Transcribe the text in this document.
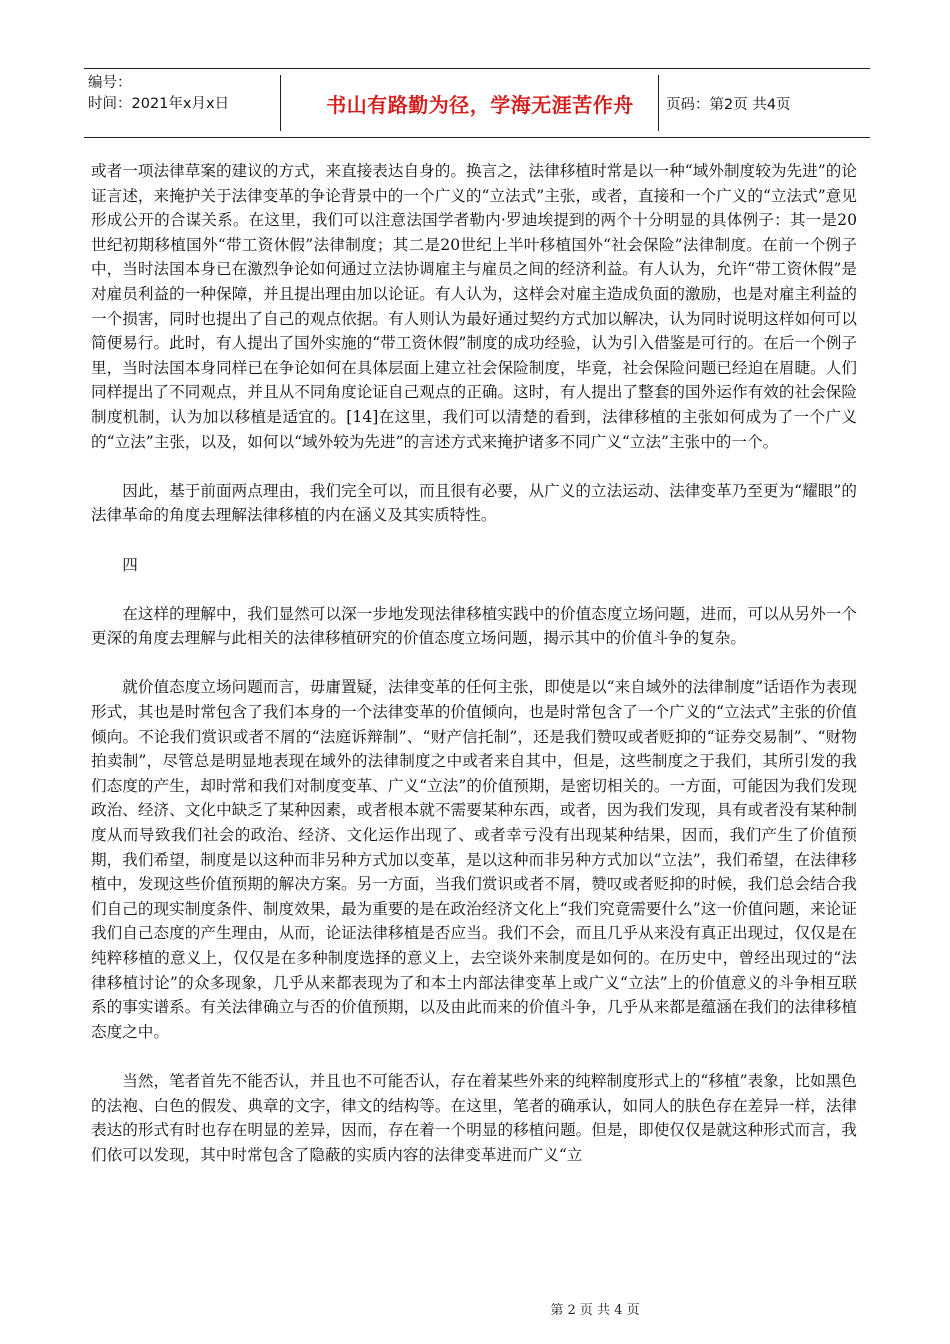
编号：
时间：2021年x月x日	书山有路勤为径，学海无涯苦作舟	页码：第2页 共4页

或者一项法律草案的建议的方式，来直接表达自身的。换言之，法律移植时常是以一种“域外制度较为先进”的论证言述，来掩护关于法律变革的争论背景中的一个广义的“立法式”主张，或者，直接和一个广义的“立法式”意见形成公开的合谋关系。在这里，我们可以注意法国学者勒内·罗迪埃提到的两个十分明显的具体例子：其一是20世纪初期移植国外“带工资休假”法律制度；其二是20世纪上半叶移植国外“社会保险”法律制度。在前一个例子中，当时法国本身已在激烈争论如何通过立法协调雇主与雇员之间的经济利益。有人认为，允许“带工资休假”是对雇员利益的一种保障，并且提出理由加以论证。有人认为，这样会对雇主造成负面的激励，也是对雇主利益的一个损害，同时也提出了自己的观点依据。有人则认为最好通过契约方式加以解决，认为同时说明这样如何可以简便易行。此时，有人提出了国外实施的“带工资休假”制度的成功经验，认为引入借鉴是可行的。在后一个例子里，当时法国本身同样已在争论如何在具体层面上建立社会保险制度，毕竟，社会保险问题已经迫在眉睫。人们同样提出了不同观点，并且从不同角度论证自己观点的正确。这时，有人提出了整套的国外运作有效的社会保险制度机制，认为加以移植是适宜的。[14]在这里，我们可以清楚的看到，法律移植的主张如何成为了一个广义的“立法”主张，以及，如何以“域外较为先进”的言述方式来掩护诸多不同广义“立法”主张中的一个。

因此，基于前面两点理由，我们完全可以，而且很有必要，从广义的立法运动、法律变革乃至更为“耀眼”的法律革命的角度去理解法律移植的内在涵义及其实质特性。

四

在这样的理解中，我们显然可以深一步地发现法律移植实践中的价值态度立场问题，进而，可以从另外一个更深的角度去理解与此相关的法律移植研究的价值态度立场问题，揭示其中的价值斗争的复杂。

就价值态度立场问题而言，毋庸置疑，法律变革的任何主张，即使是以“来自域外的法律制度”话语作为表现形式，其也是时常包含了我们本身的一个法律变革的价值倾向，也是时常包含了一个广义的“立法式”主张的价值倾向。不论我们赏识或者不屑的“法庭诉辩制”、“财产信托制”，还是我们赞叹或者贬抑的“证券交易制”、“财物拍卖制”，尽管总是明显地表现在域外的法律制度之中或者来自其中，但是，这些制度之于我们，其所引发的我们态度的产生，却时常和我们对制度变革、广义“立法”的价值预期，是密切相关的。一方面，可能因为我们发现政治、经济、文化中缺乏了某种因素，或者根本就不需要某种东西，或者，因为我们发现，具有或者没有某种制度从而导致我们社会的政治、经济、文化运作出现了、或者幸亏没有出现某种结果，因而，我们产生了价值预期，我们希望，制度是以这种而非另种方式加以变革，是以这种而非另种方式加以“立法”，我们希望，在法律移植中，发现这些价值预期的解决方案。另一方面，当我们赏识或者不屑，赞叹或者贬抑的时候，我们总会结合我们自己的现实制度条件、制度效果，最为重要的是在政治经济文化上“我们究竟需要什么”这一价值问题，来论证我们自己态度的产生理由，从而，论证法律移植是否应当。我们不会，而且几乎从来没有真正出现过，仅仅是在纯粹移植的意义上，仅仅是在多种制度选择的意义上，去空谈外来制度是如何的。在历史中，曾经出现过的“法律移植讨论”的众多现象，几乎从来都表现为了和本土内部法律变革上或广义“立法”上的价值意义的斗争相互联系的事实谱系。有关法律确立与否的价值预期，以及由此而来的价值斗争，几乎从来都是蕴涵在我们的法律移植态度之中。

当然，笔者首先不能否认，并且也不可能否认，存在着某些外来的纯粹制度形式上的“移植”表象，比如黑色的法袍、白色的假发、典章的文字，律文的结构等。在这里，笔者的确承认，如同人的肤色存在差异一样，法律表达的形式有时也存在明显的差异，因而，存在着一个明显的移植问题。但是，即使仅仅是就这种形式而言，我们依可以发现，其中时常包含了隐蔽的实质内容的法律变革进而广义“立

第 2 页 共 4 页
